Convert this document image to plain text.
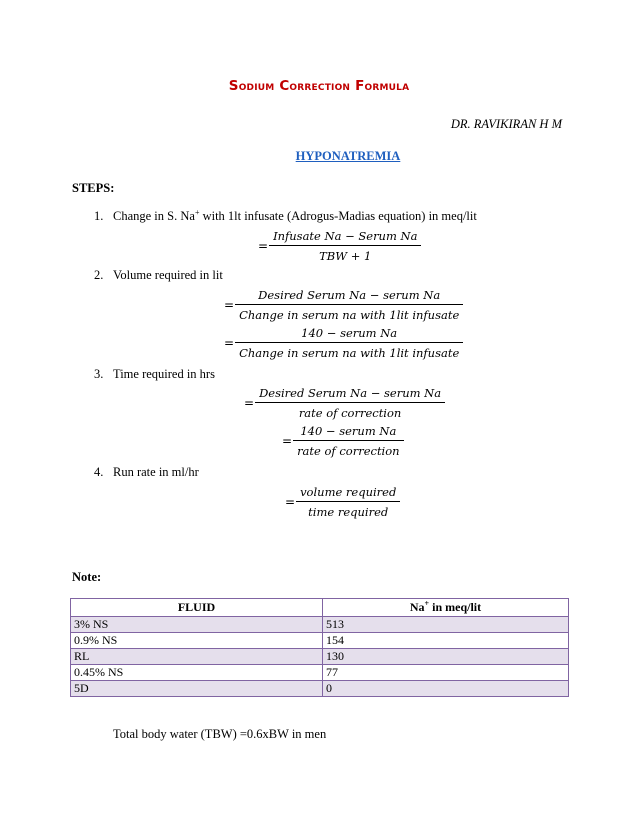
Sodium Correction Formula
DR. RAVIKIRAN H M
HYPONATREMIA
STEPS:
1. Change in S. Na+ with 1lt infusate (Adrogus-Madias equation) in meq/lit
= $\frac{\text{Infusate Na − Serum Na}}{\text{TBW + 1}}$
2. Volume required in lit
= $\frac{\text{Desired Serum Na − serum Na}}{\text{Change in serum na with 1lit infusate}}$
= $\frac{\text{140 − serum Na}}{\text{Change in serum na with 1lit infusate}}$
3. Time required in hrs
= $\frac{\text{Desired Serum Na − serum Na}}{\text{rate of correction}}$
= $\frac{\text{140 − serum Na}}{\text{rate of correction}}$
4. Run rate in ml/hr
= $\frac{\text{volume required}}{\text{time required}}$
Note:
FLUID	Na+ in meq/lit
3% NS	513
0.9% NS	154
RL	130
0.45% NS	77
5D	0
Total body water (TBW) =0.6xBW in men
